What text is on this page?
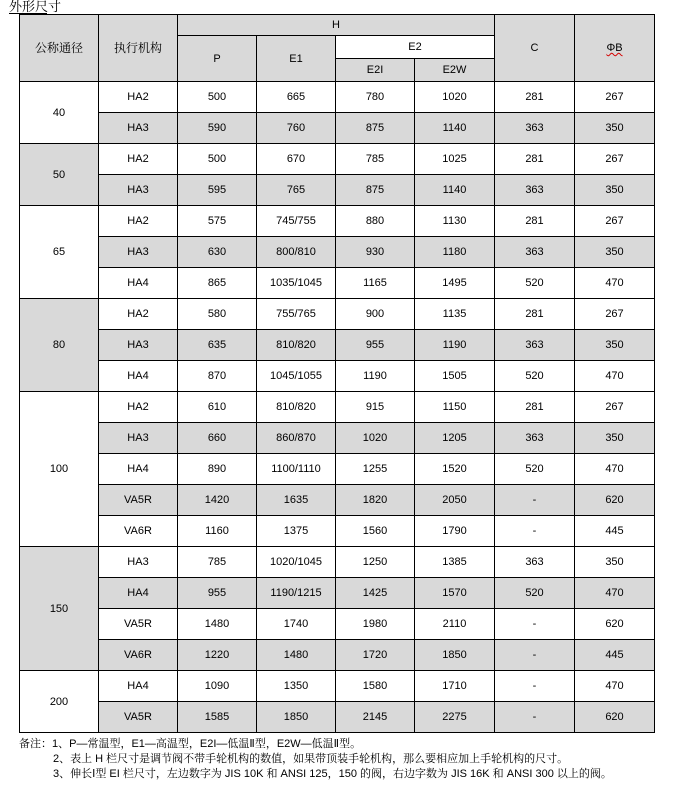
外形尺寸
公称通径	执行机构	H				C	ΦB
		P	E1	E2			
				E2I	E2W		
40	HA2	500	665	780	1020	281	267
	HA3	590	760	875	1140	363	350
50	HA2	500	670	785	1025	281	267
	HA3	595	765	875	1140	363	350
65	HA2	575	745/755	880	1130	281	267
	HA3	630	800/810	930	1180	363	350
	HA4	865	1035/1045	1165	1495	520	470
80	HA2	580	755/765	900	1135	281	267
	HA3	635	810/820	955	1190	363	350
	HA4	870	1045/1055	1190	1505	520	470
100	HA2	610	810/820	915	1150	281	267
	HA3	660	860/870	1020	1205	363	350
	HA4	890	1100/1110	1255	1520	520	470
	VA5R	1420	1635	1820	2050	-	620
	VA6R	1160	1375	1560	1790	-	445
150	HA3	785	1020/1045	1250	1385	363	350
	HA4	955	1190/1215	1425	1570	520	470
	VA5R	1480	1740	1980	2110	-	620
	VA6R	1220	1480	1720	1850	-	445
200	HA4	1090	1350	1580	1710	-	470
	VA5R	1585	1850	2145	2275	-	620
备注：1、P—常温型，E1—高温型，E2I—低温Ⅱ型，E2W—低温Ⅱ型。
2、表上 H 栏尺寸是调节阀不带手轮机构的数值，如果带顶装手轮机构，那么要相应加上手轮机构的尺寸。
3、伸长Ⅰ型 EI 栏尺寸，左边数字为 JIS 10K 和 ANSI 125，150 的阀，右边字数为 JIS 16K 和 ANSI 300 以上的阀。
